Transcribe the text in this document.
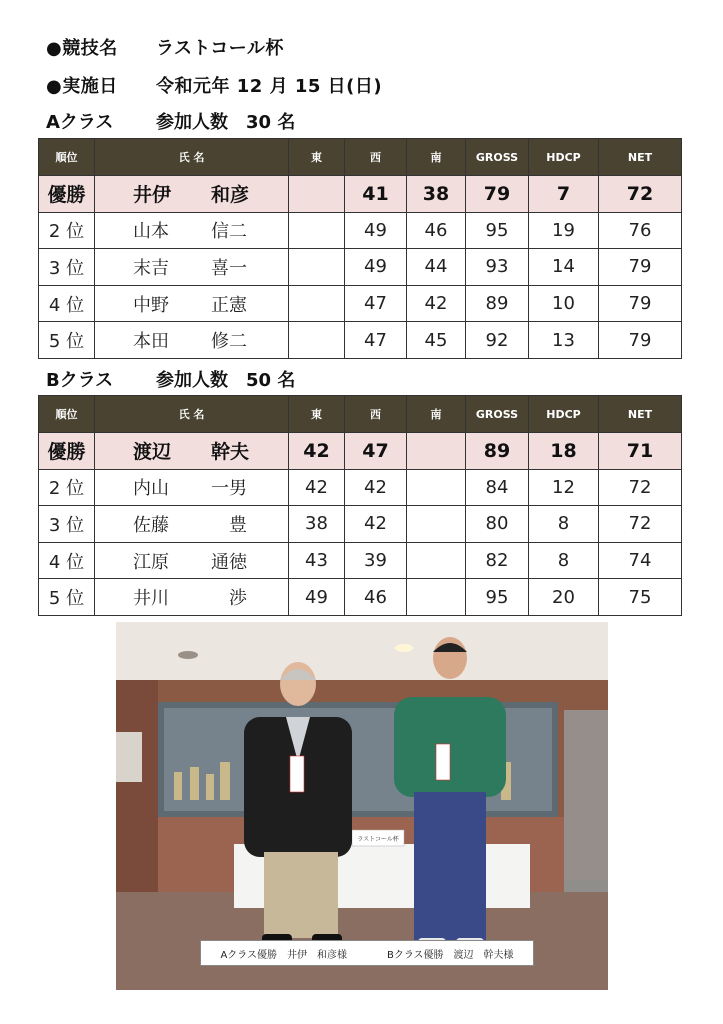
●競技名 ラストコール杯
●実施日 令和元年 12 月 15 日(日)
Aクラス 参加人数　30 名
順位	氏 名	東	西	南	GROSS	HDCP	NET
優勝	井伊 和彦		41	38	79	7	72
2 位	山本 信二		49	46	95	19	76
3 位	末吉 喜一		49	44	93	14	79
4 位	中野 正憲		47	42	89	10	79
5 位	本田 修二		47	45	92	13	79
Bクラス 参加人数　50 名
順位	氏 名	東	西	南	GROSS	HDCP	NET
優勝	渡辺 幹夫	42	47		89	18	71
2 位	内山 一男	42	42		84	12	72
3 位	佐藤　豊	38	42		80	8	72
4 位	江原 通徳	43	39		82	8	74
5 位	井川　渉	49	46		95	20	75
ラストコール杯
Aクラス優勝　井伊　和彦様　　　　Bクラス優勝　渡辺　幹夫様
